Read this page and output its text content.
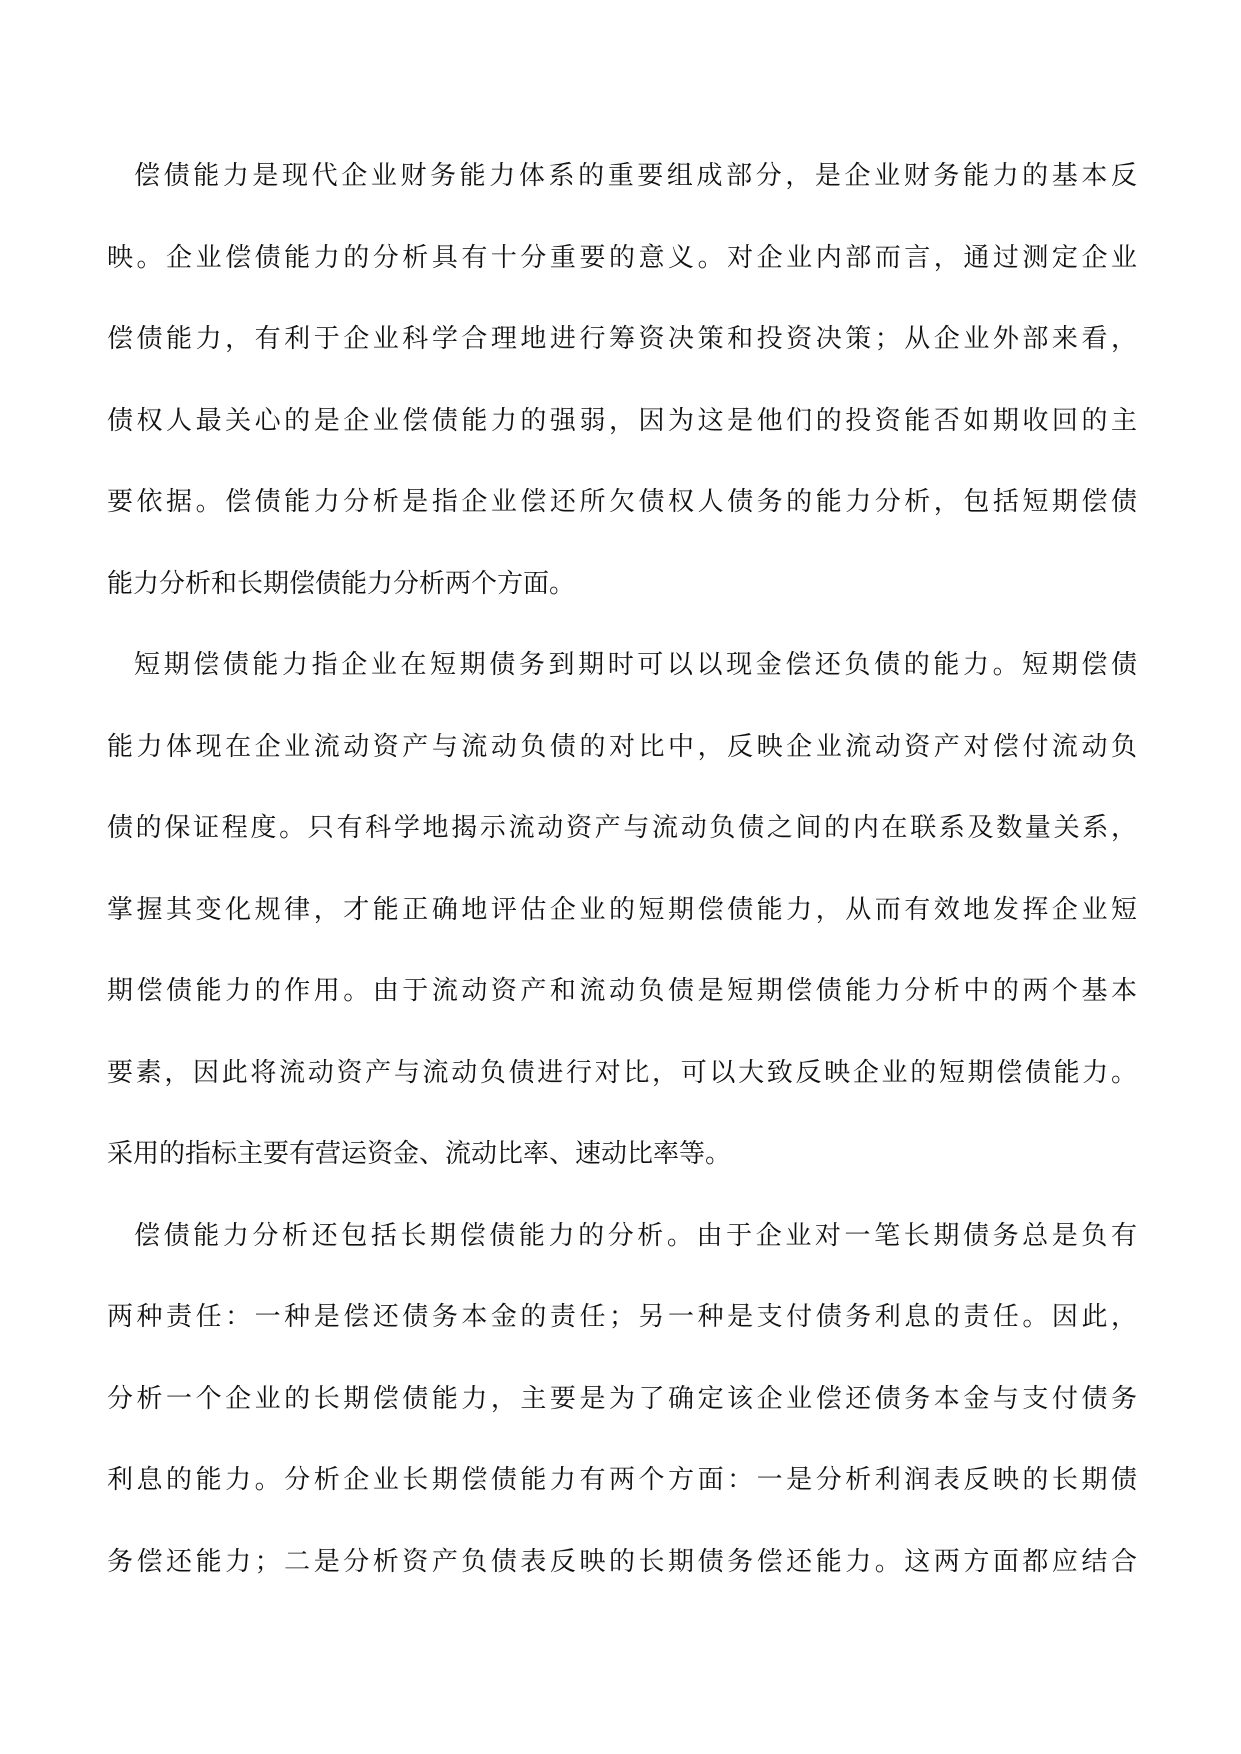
偿债能力是现代企业财务能力体系的重要组成部分，是企业财务能力的基本反
映。企业偿债能力的分析具有十分重要的意义。对企业内部而言，通过测定企业
偿债能力，有利于企业科学合理地进行筹资决策和投资决策；从企业外部来看，
债权人最关心的是企业偿债能力的强弱，因为这是他们的投资能否如期收回的主
要依据。偿债能力分析是指企业偿还所欠债权人债务的能力分析，包括短期偿债
能力分析和长期偿债能力分析两个方面。
短期偿债能力指企业在短期债务到期时可以以现金偿还负债的能力。短期偿债
能力体现在企业流动资产与流动负债的对比中，反映企业流动资产对偿付流动负
债的保证程度。只有科学地揭示流动资产与流动负债之间的内在联系及数量关系，
掌握其变化规律，才能正确地评估企业的短期偿债能力，从而有效地发挥企业短
期偿债能力的作用。由于流动资产和流动负债是短期偿债能力分析中的两个基本
要素，因此将流动资产与流动负债进行对比，可以大致反映企业的短期偿债能力。
采用的指标主要有营运资金、流动比率、速动比率等。
偿债能力分析还包括长期偿债能力的分析。由于企业对一笔长期债务总是负有
两种责任：一种是偿还债务本金的责任；另一种是支付债务利息的责任。因此，
分析一个企业的长期偿债能力，主要是为了确定该企业偿还债务本金与支付债务
利息的能力。分析企业长期偿债能力有两个方面：一是分析利润表反映的长期债
务偿还能力；二是分析资产负债表反映的长期债务偿还能力。这两方面都应结合
